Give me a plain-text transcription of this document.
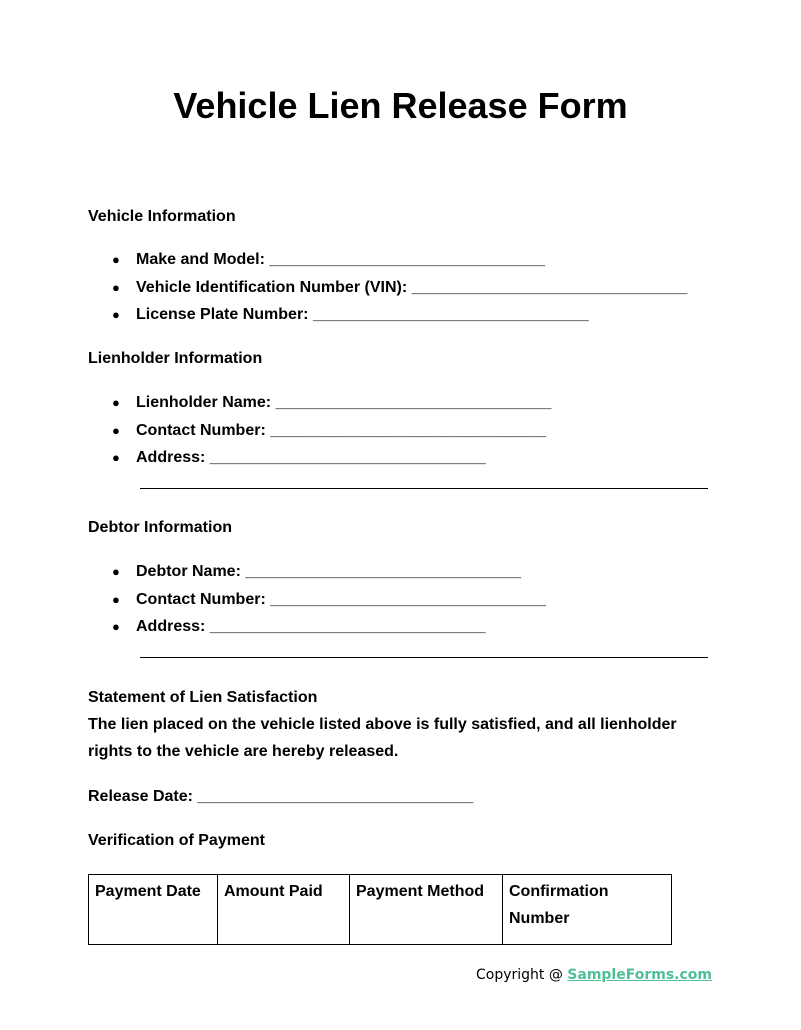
Vehicle Lien Release Form
Vehicle Information
● Make and Model: _______________________________
● Vehicle Identification Number (VIN): _______________________________
● License Plate Number: _______________________________
Lienholder Information
● Lienholder Name: _______________________________
● Contact Number: _______________________________
● Address: _______________________________
Debtor Information
● Debtor Name: _______________________________
● Contact Number: _______________________________
● Address: _______________________________
Statement of Lien Satisfaction

The lien placed on the vehicle listed above is fully satisfied, and all lienholder rights to the vehicle are hereby released.

Release Date: _______________________________
Verification of Payment
Payment Date	Amount Paid	Payment Method	Confirmation Number
Copyright @ SampleForms.com
